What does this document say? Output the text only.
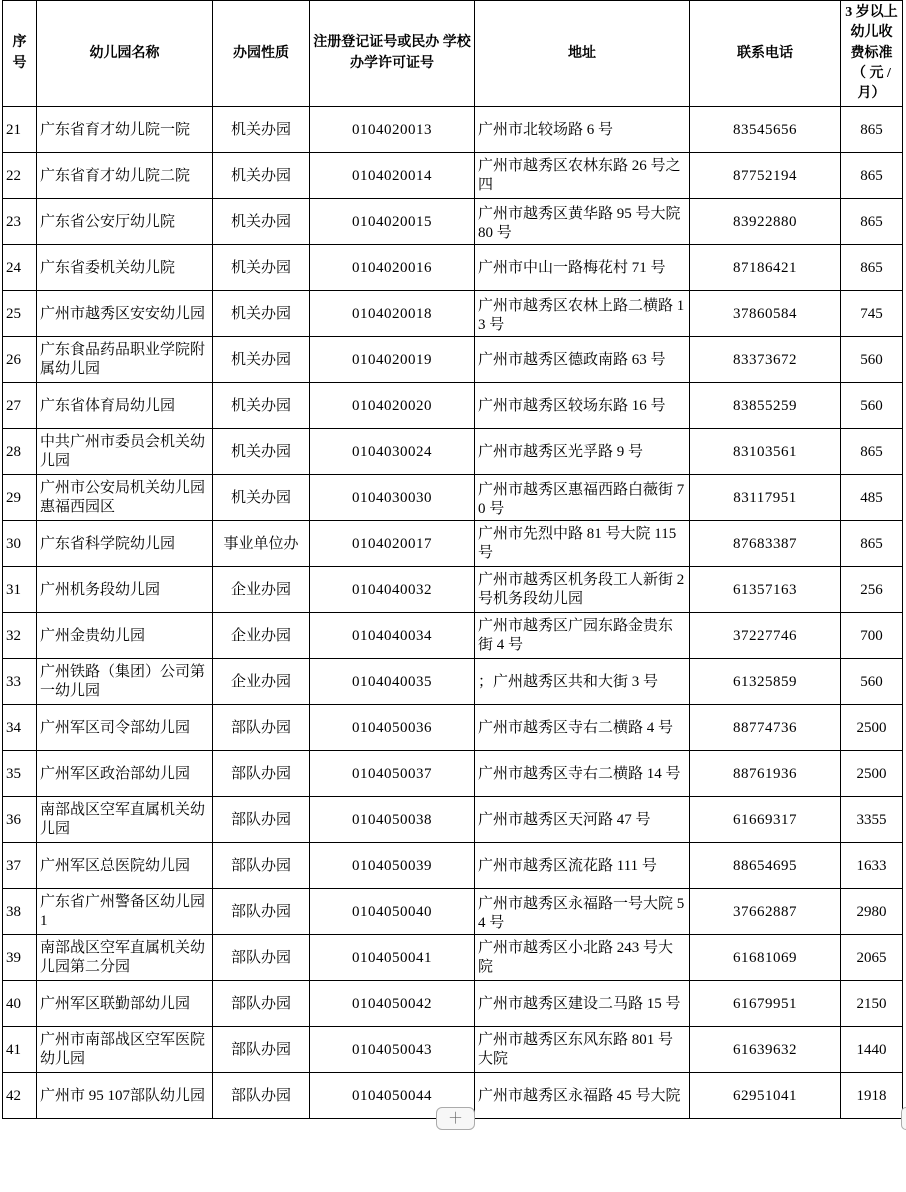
序号	幼儿园名称	办园性质	注册登记证号或民办 学校办学许可证号	地址	联系电话	3 岁以上幼儿收费标准 （ 元 / 月）
21	广东省育才幼儿院一院	机关办园	0104020013	广州市北较场路 6 号	83545656	865
22	广东省育才幼儿院二院	机关办园	0104020014	广州市越秀区农林东路 26 号之四	87752194	865
23	广东省公安厅幼儿院	机关办园	0104020015	广州市越秀区黄华路 95 号大院 80 号	83922880	865
24	广东省委机关幼儿院	机关办园	0104020016	广州市中山一路梅花村 71 号	87186421	865
25	广州市越秀区安安幼儿园	机关办园	0104020018	广州市越秀区农林上路二横路 13 号	37860584	745
26	广东食品药品职业学院附属幼儿园	机关办园	0104020019	广州市越秀区德政南路 63 号	83373672	560
27	广东省体育局幼儿园	机关办园	0104020020	广州市越秀区较场东路 16 号	83855259	560
28	中共广州市委员会机关幼儿园	机关办园	0104030024	广州市越秀区光孚路 9 号	83103561	865
29	广州市公安局机关幼儿园惠福西园区	机关办园	0104030030	广州市越秀区惠福西路白薇街 70 号	83117951	485
30	广东省科学院幼儿园	事业单位办	0104020017	广州市先烈中路 81 号大院 115 号	87683387	865
31	广州机务段幼儿园	企业办园	0104040032	广州市越秀区机务段工人新街 2 号机务段幼儿园	61357163	256
32	广州金贵幼儿园	企业办园	0104040034	广州市越秀区广园东路金贵东街 4 号	37227746	700
33	广州铁路（集团）公司第一幼儿园	企业办园	0104040035	；广州越秀区共和大街 3 号	61325859	560
34	广州军区司令部幼儿园	部队办园	0104050036	广州市越秀区寺右二横路 4 号	88774736	2500
35	广州军区政治部幼儿园	部队办园	0104050037	广州市越秀区寺右二横路 14 号	88761936	2500
36	南部战区空军直属机关幼儿园	部队办园	0104050038	广州市越秀区天河路 47 号	61669317	3355
37	广州军区总医院幼儿园	部队办园	0104050039	广州市越秀区流花路 111 号	88654695	1633
38	广东省广州警备区幼儿园 1	部队办园	0104050040	广州市越秀区永福路一号大院 54 号	37662887	2980
39	南部战区空军直属机关幼儿园第二分园	部队办园	0104050041	广州市越秀区小北路 243 号大院	61681069	2065
40	广州军区联勤部幼儿园	部队办园	0104050042	广州市越秀区建设二马路 15 号	61679951	2150
41	广州市南部战区空军医院幼儿园	部队办园	0104050043	广州市越秀区东风东路 801 号大院	61639632	1440
42	广州市 95 107部队幼儿园	部队办园	0104050044	广州市越秀区永福路 45 号大院	62951041	1918
＋
